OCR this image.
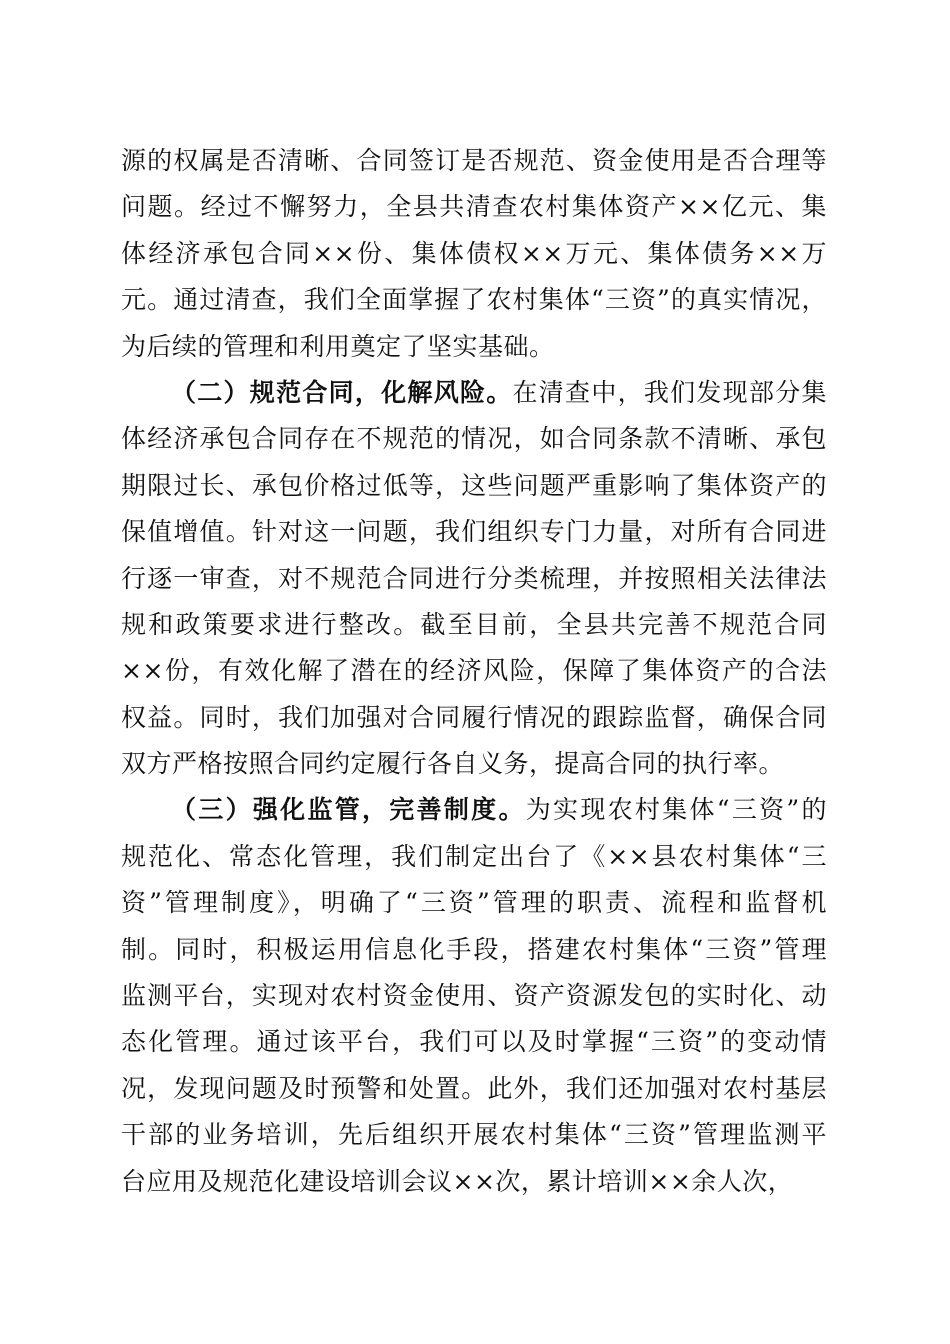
源的权属是否清晰、合同签订是否规范、资金使用是否合理等
问题。经过不懈努力，全县共清查农村集体资产××亿元、集
体经济承包合同××份、集体债权××万元、集体债务××万
元。通过清查，我们全面掌握了农村集体“三资”的真实情况，
为后续的管理和利用奠定了坚实基础。
（二）规范合同，化解风险。在清查中，我们发现部分集
体经济承包合同存在不规范的情况，如合同条款不清晰、承包
期限过长、承包价格过低等，这些问题严重影响了集体资产的
保值增值。针对这一问题，我们组织专门力量，对所有合同进
行逐一审查，对不规范合同进行分类梳理，并按照相关法律法
规和政策要求进行整改。截至目前，全县共完善不规范合同
××份，有效化解了潜在的经济风险，保障了集体资产的合法
权益。同时，我们加强对合同履行情况的跟踪监督，确保合同
双方严格按照合同约定履行各自义务，提高合同的执行率。
（三）强化监管，完善制度。为实现农村集体“三资”的
规范化、常态化管理，我们制定出台了《××县农村集体“三
资”管理制度》，明确了“三资”管理的职责、流程和监督机
制。同时，积极运用信息化手段，搭建农村集体“三资”管理
监测平台，实现对农村资金使用、资产资源发包的实时化、动
态化管理。通过该平台，我们可以及时掌握“三资”的变动情
况，发现问题及时预警和处置。此外，我们还加强对农村基层
干部的业务培训，先后组织开展农村集体“三资”管理监测平
台应用及规范化建设培训会议××次，累计培训××余人次，
